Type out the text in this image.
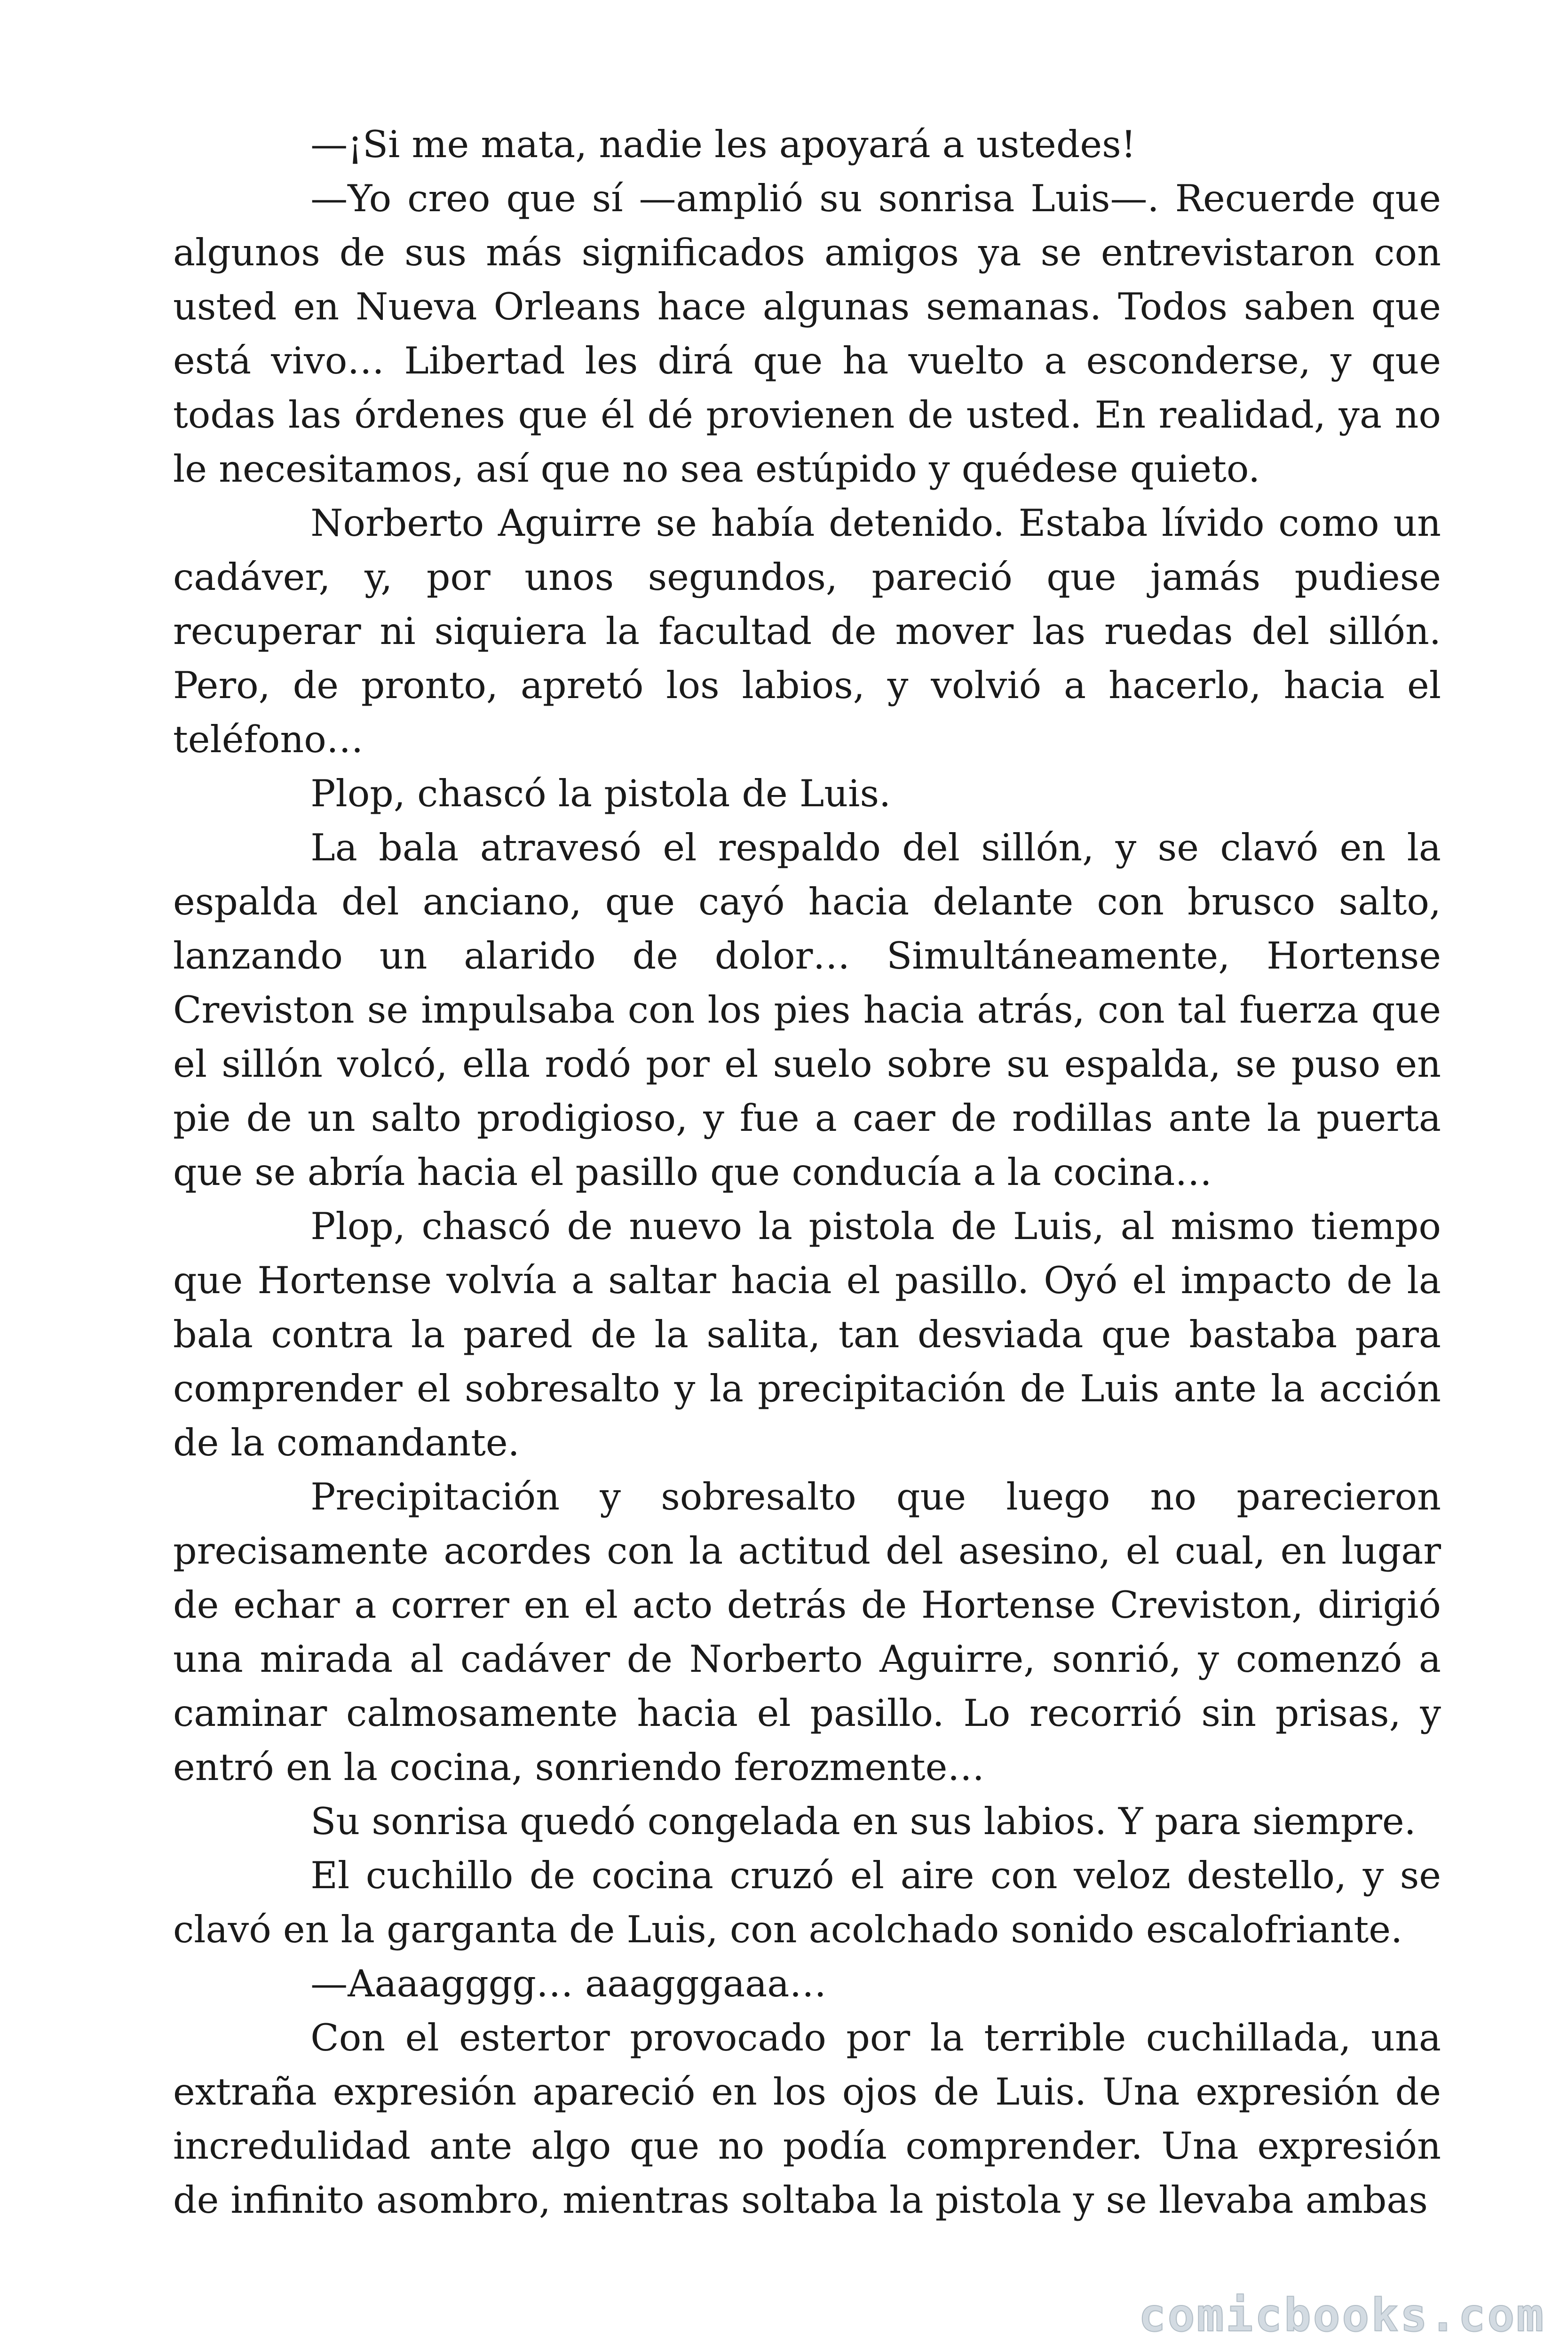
—¡Si me mata, nadie les apoyará a ustedes!

—Yo creo que sí —amplió su sonrisa Luis—. Recuerde que algunos de sus más significados amigos ya se entrevistaron con usted en Nueva Orleans hace algunas semanas. Todos saben que está vivo… Libertad les dirá que ha vuelto a esconderse, y que todas las órdenes que él dé provienen de usted. En realidad, ya no le necesitamos, así que no sea estúpido y quédese quieto.

Norberto Aguirre se había detenido. Estaba lívido como un cadáver, y, por unos segundos, pareció que jamás pudiese recuperar ni siquiera la facultad de mover las ruedas del sillón. Pero, de pronto, apretó los labios, y volvió a hacerlo, hacia el teléfono…

Plop, chascó la pistola de Luis.

La bala atravesó el respaldo del sillón, y se clavó en la espalda del anciano, que cayó hacia delante con brusco salto, lanzando un alarido de dolor… Simultáneamente, Hortense Creviston se impulsaba con los pies hacia atrás, con tal fuerza que el sillón volcó, ella rodó por el suelo sobre su espalda, se puso en pie de un salto prodigioso, y fue a caer de rodillas ante la puerta que se abría hacia el pasillo que conducía a la cocina…

Plop, chascó de nuevo la pistola de Luis, al mismo tiempo que Hortense volvía a saltar hacia el pasillo. Oyó el impacto de la bala contra la pared de la salita, tan desviada que bastaba para comprender el sobresalto y la precipitación de Luis ante la acción de la comandante.

Precipitación y sobresalto que luego no parecieron precisamente acordes con la actitud del asesino, el cual, en lugar de echar a correr en el acto detrás de Hortense Creviston, dirigió una mirada al cadáver de Norberto Aguirre, sonrió, y comenzó a caminar calmosamente hacia el pasillo. Lo recorrió sin prisas, y entró en la cocina, sonriendo ferozmente…

Su sonrisa quedó congelada en sus labios. Y para siempre.

El cuchillo de cocina cruzó el aire con veloz destello, y se clavó en la garganta de Luis, con acolchado sonido escalofriante.

—Aaaagggg… aaagggaaa…

Con el estertor provocado por la terrible cuchillada, una extraña expresión apareció en los ojos de Luis. Una expresión de incredulidad ante algo que no podía comprender. Una expresión de infinito asombro, mientras soltaba la pistola y se llevaba ambas

comicbooks.com
